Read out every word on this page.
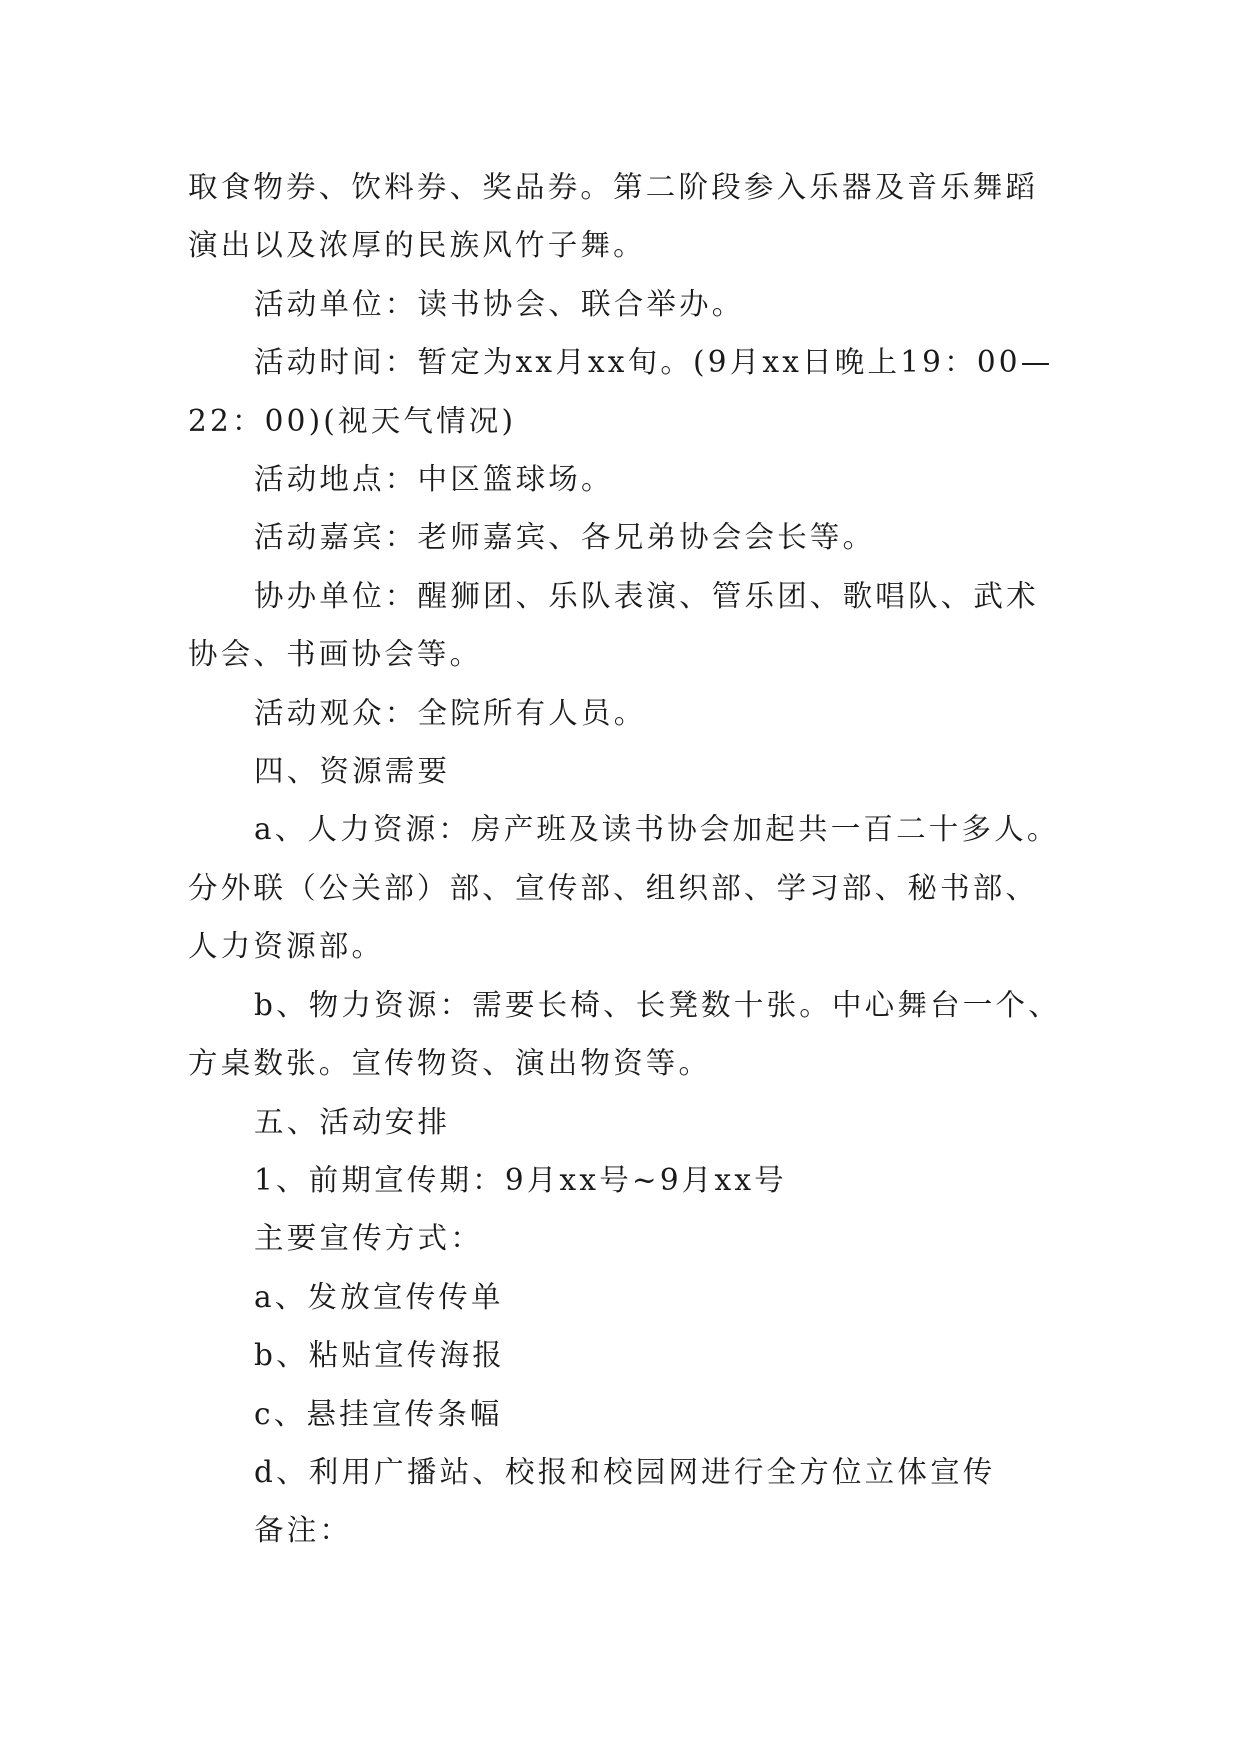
取食物券、饮料券、奖品券。第二阶段参入乐器及音乐舞蹈演出以及浓厚的民族风竹子舞。

活动单位：读书协会、联合举办。

活动时间：暂定为xx月xx旬。(9月xx日晚上19：00—22：00)(视天气情况)

活动地点：中区篮球场。

活动嘉宾：老师嘉宾、各兄弟协会会长等。

协办单位：醒狮团、乐队表演、管乐团、歌唱队、武术协会、书画协会等。

活动观众：全院所有人员。

四、资源需要

a、人力资源：房产班及读书协会加起共一百二十多人。分外联（公关部）部、宣传部、组织部、学习部、秘书部、人力资源部。

b、物力资源：需要长椅、长凳数十张。中心舞台一个、方桌数张。宣传物资、演出物资等。

五、活动安排

1、前期宣传期：9月xx号~9月xx号

主要宣传方式：

a、发放宣传传单

b、粘贴宣传海报

c、悬挂宣传条幅

d、利用广播站、校报和校园网进行全方位立体宣传

备注：
